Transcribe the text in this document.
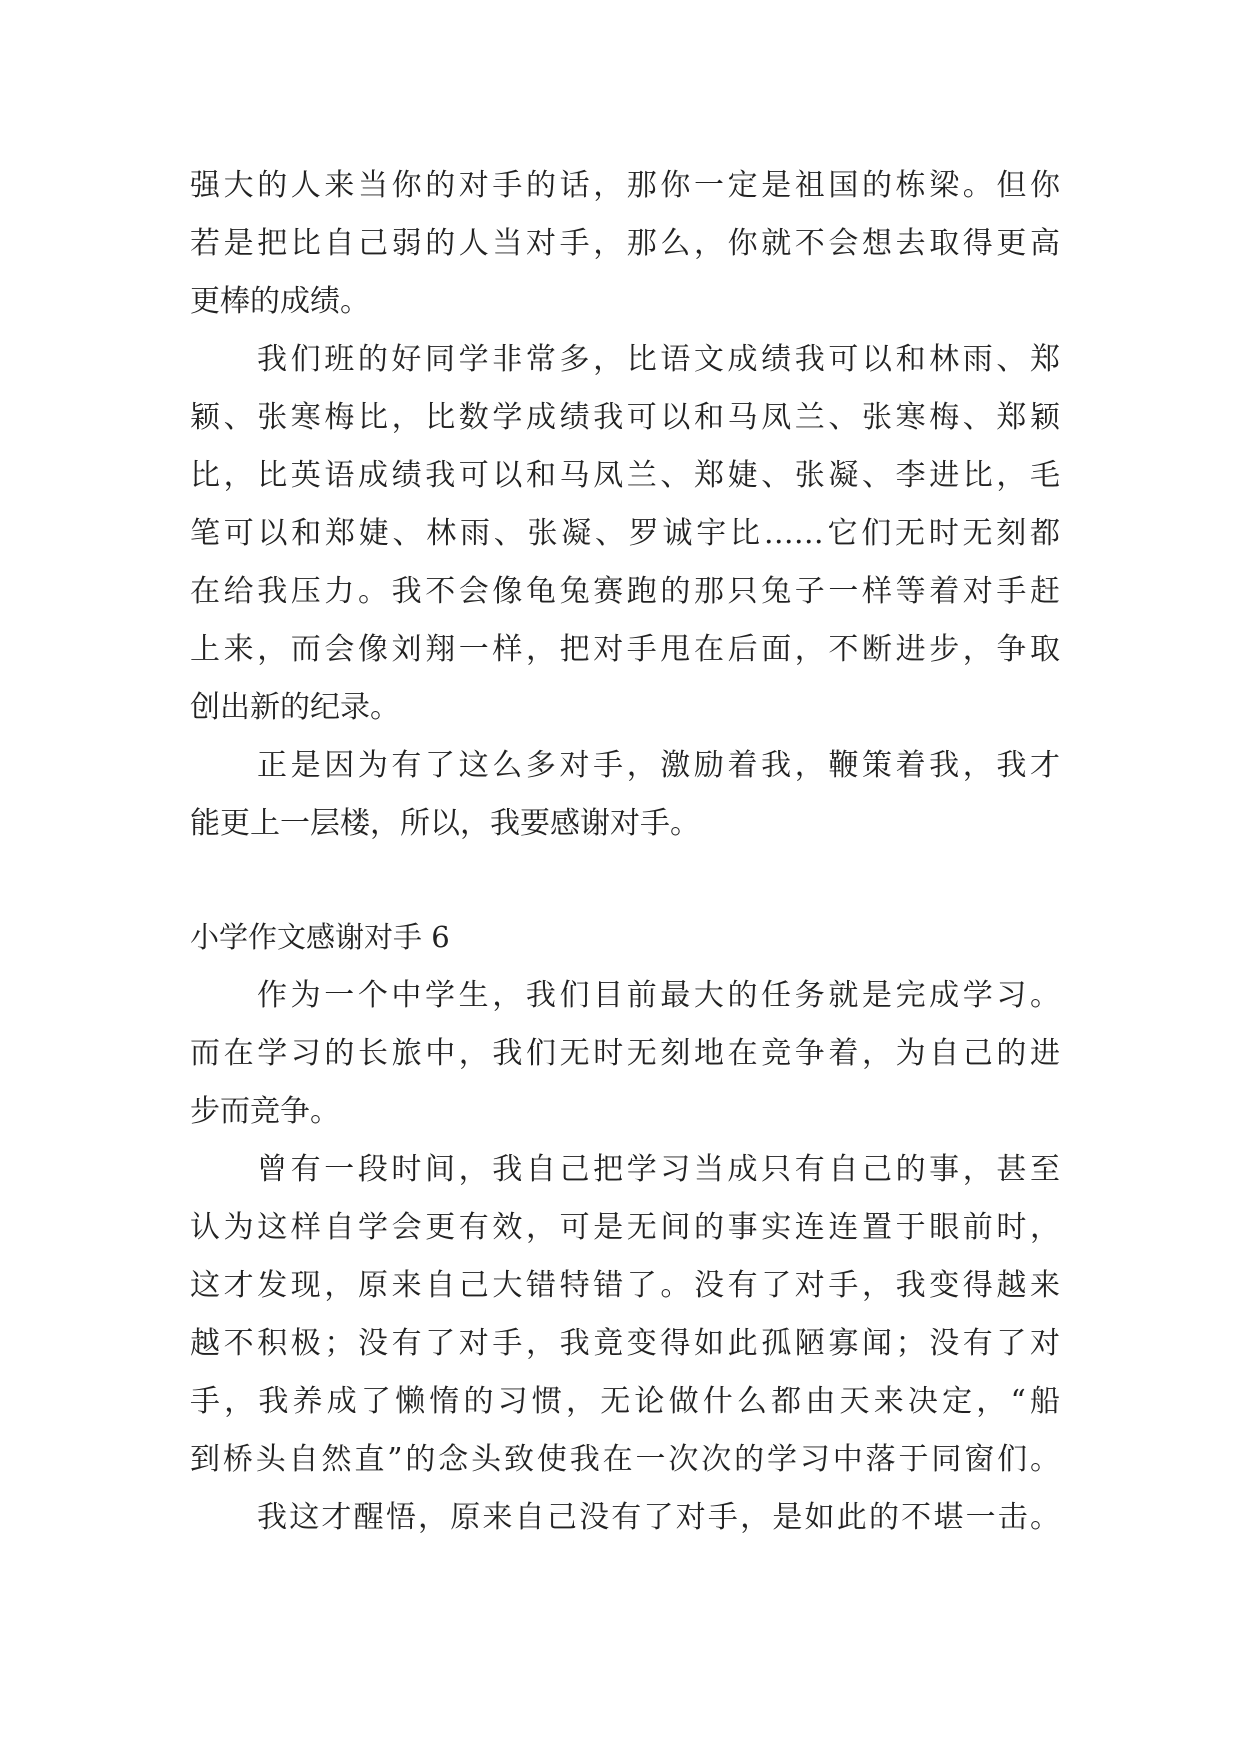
强大的人来当你的对手的话，那你一定是祖国的栋梁。但你
若是把比自己弱的人当对手，那么，你就不会想去取得更高
更棒的成绩。
我们班的好同学非常多，比语文成绩我可以和林雨、郑
颖、张寒梅比，比数学成绩我可以和马凤兰、张寒梅、郑颖
比，比英语成绩我可以和马凤兰、郑婕、张凝、李进比，毛
笔可以和郑婕、林雨、张凝、罗诚宇比……它们无时无刻都
在给我压力。我不会像龟兔赛跑的那只兔子一样等着对手赶
上来，而会像刘翔一样，把对手甩在后面，不断进步，争取
创出新的纪录。
正是因为有了这么多对手，激励着我，鞭策着我，我才
能更上一层楼，所以，我要感谢对手。
小学作文感谢对手 6
作为一个中学生，我们目前最大的任务就是完成学习。
而在学习的长旅中，我们无时无刻地在竞争着，为自己的进
步而竞争。
曾有一段时间，我自己把学习当成只有自己的事，甚至
认为这样自学会更有效，可是无间的事实连连置于眼前时，
这才发现，原来自己大错特错了。没有了对手，我变得越来
越不积极；没有了对手，我竟变得如此孤陋寡闻；没有了对
手，我养成了懒惰的习惯，无论做什么都由天来决定，“船
到桥头自然直”的念头致使我在一次次的学习中落于同窗们。
我这才醒悟，原来自己没有了对手，是如此的不堪一击。
